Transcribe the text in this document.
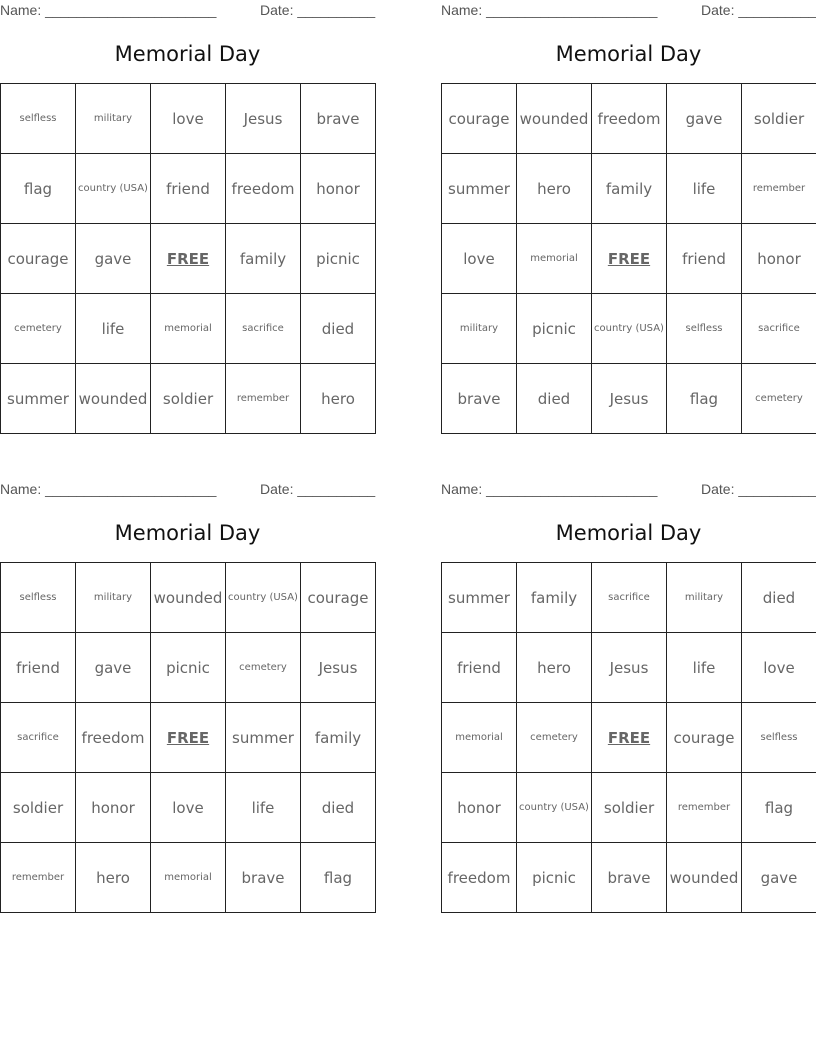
Name: ______________________	Date: __________
Memorial Day
selfless	military	love	Jesus	brave
flag	country (USA)	friend	freedom	honor
courage	gave	FREE	family	picnic
cemetery	life	memorial	sacrifice	died
summer	wounded	soldier	remember	hero
Name: ______________________	Date: __________
Memorial Day
courage	wounded	freedom	gave	soldier
summer	hero	family	life	remember
love	memorial	FREE	friend	honor
military	picnic	country (USA)	selfless	sacrifice
brave	died	Jesus	flag	cemetery
Name: ______________________	Date: __________
Memorial Day
selfless	military	wounded	country (USA)	courage
friend	gave	picnic	cemetery	Jesus
sacrifice	freedom	FREE	summer	family
soldier	honor	love	life	died
remember	hero	memorial	brave	flag
Name: ______________________	Date: __________
Memorial Day
summer	family	sacrifice	military	died
friend	hero	Jesus	life	love
memorial	cemetery	FREE	courage	selfless
honor	country (USA)	soldier	remember	flag
freedom	picnic	brave	wounded	gave
